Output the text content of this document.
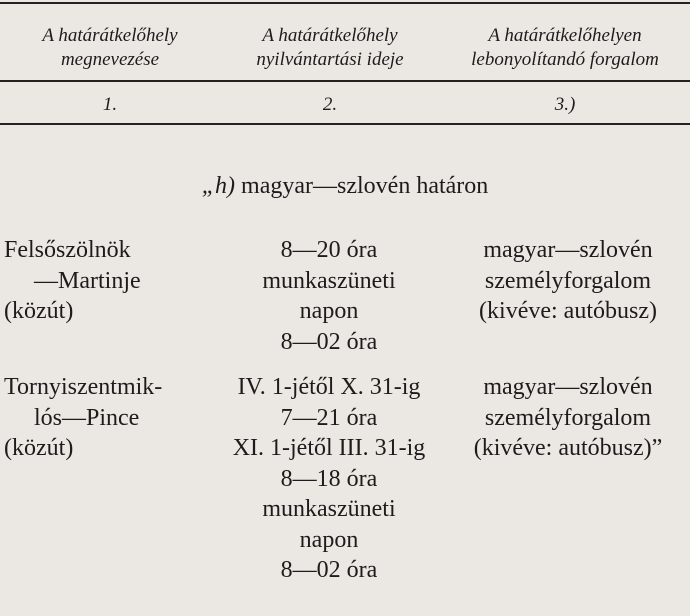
A határátkelőhely
megnevezése
A határátkelőhely
nyilvántartási ideje
A határátkelőhelyen
lebonyolítandó forgalom
1.	2.	3.)
„h) magyar—szlovén határon
Felsőszölnök
—Martinje
(közút)
8—20 óra
munkaszüneti
napon
8—02 óra
magyar—szlovén
személyforgalom
(kivéve: autóbusz)
Tornyiszentmik-
lós—Pince
(közút)
IV. 1-jétől X. 31-ig
7—21 óra
XI. 1-jétől III. 31-ig
8—18 óra
munkaszüneti
napon
8—02 óra
magyar—szlovén
személyforgalom
(kivéve: autóbusz)”
